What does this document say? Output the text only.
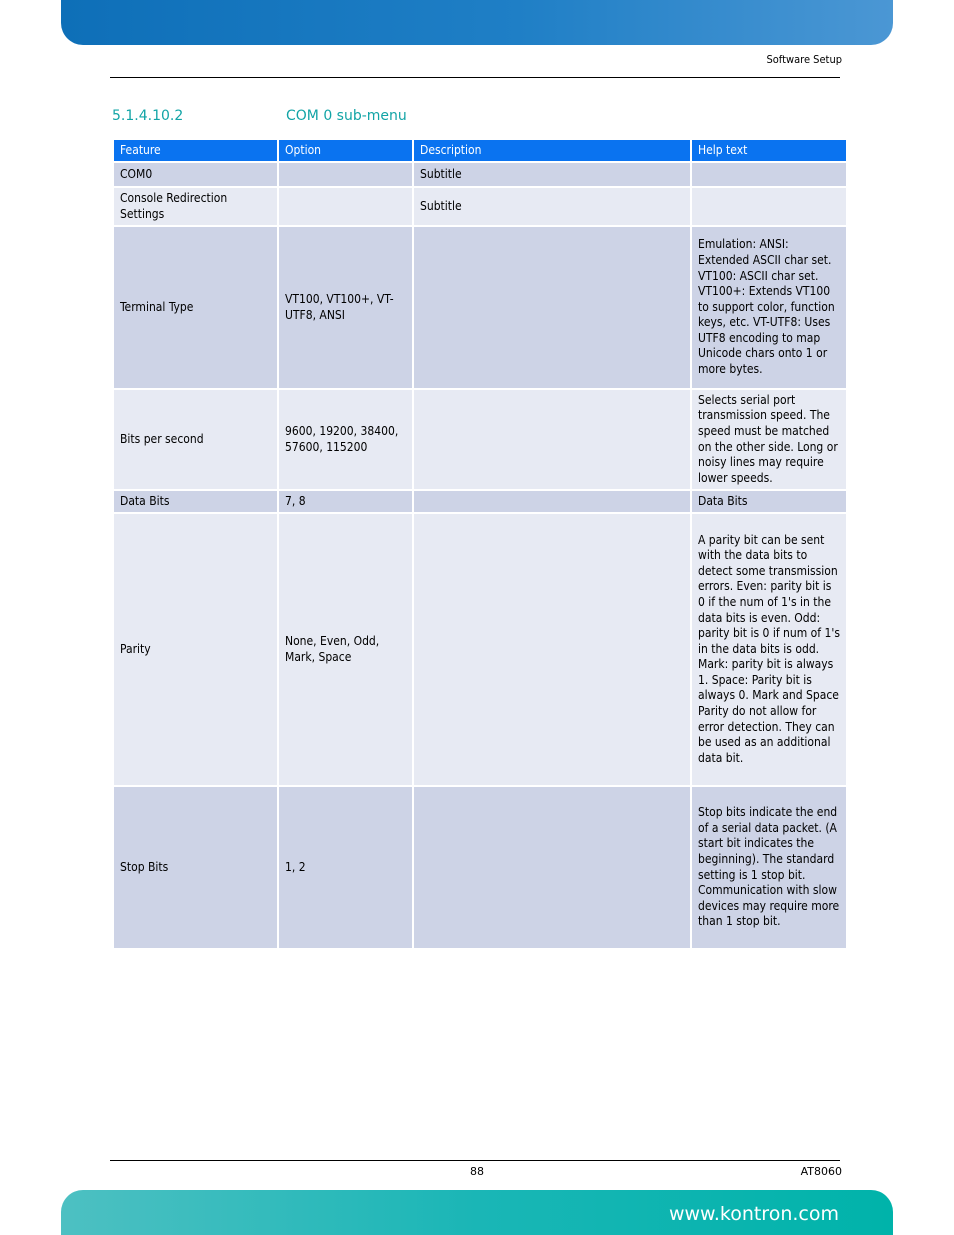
Software Setup
5.1.4.10.2	COM 0 sub-menu
Feature	Option	Description	Help text
COM0		Subtitle	
Console Redirection Settings		Subtitle	
Terminal Type	VT100, VT100+, VT-UTF8, ANSI		Emulation: ANSI: Extended ASCII char set. VT100: ASCII char set. VT100+: Extends VT100 to support color, function keys, etc. VT-UTF8: Uses UTF8 encoding to map Unicode chars onto 1 or more bytes.
Bits per second	9600, 19200, 38400, 57600, 115200		Selects serial port transmission speed. The speed must be matched on the other side. Long or noisy lines may require lower speeds.
Data Bits	7, 8		Data Bits
Parity	None, Even, Odd, Mark, Space		A parity bit can be sent with the data bits to detect some transmission errors. Even: parity bit is 0 if the num of 1's in the data bits is even. Odd: parity bit is 0 if num of 1's in the data bits is odd. Mark: parity bit is always 1. Space: Parity bit is always 0. Mark and Space Parity do not allow for error detection. They can be used as an additional data bit.
Stop Bits	1, 2		Stop bits indicate the end of a serial data packet. (A start bit indicates the beginning). The standard setting is 1 stop bit. Communication with slow devices may require more than 1 stop bit.
88	AT8060
www.kontron.com
